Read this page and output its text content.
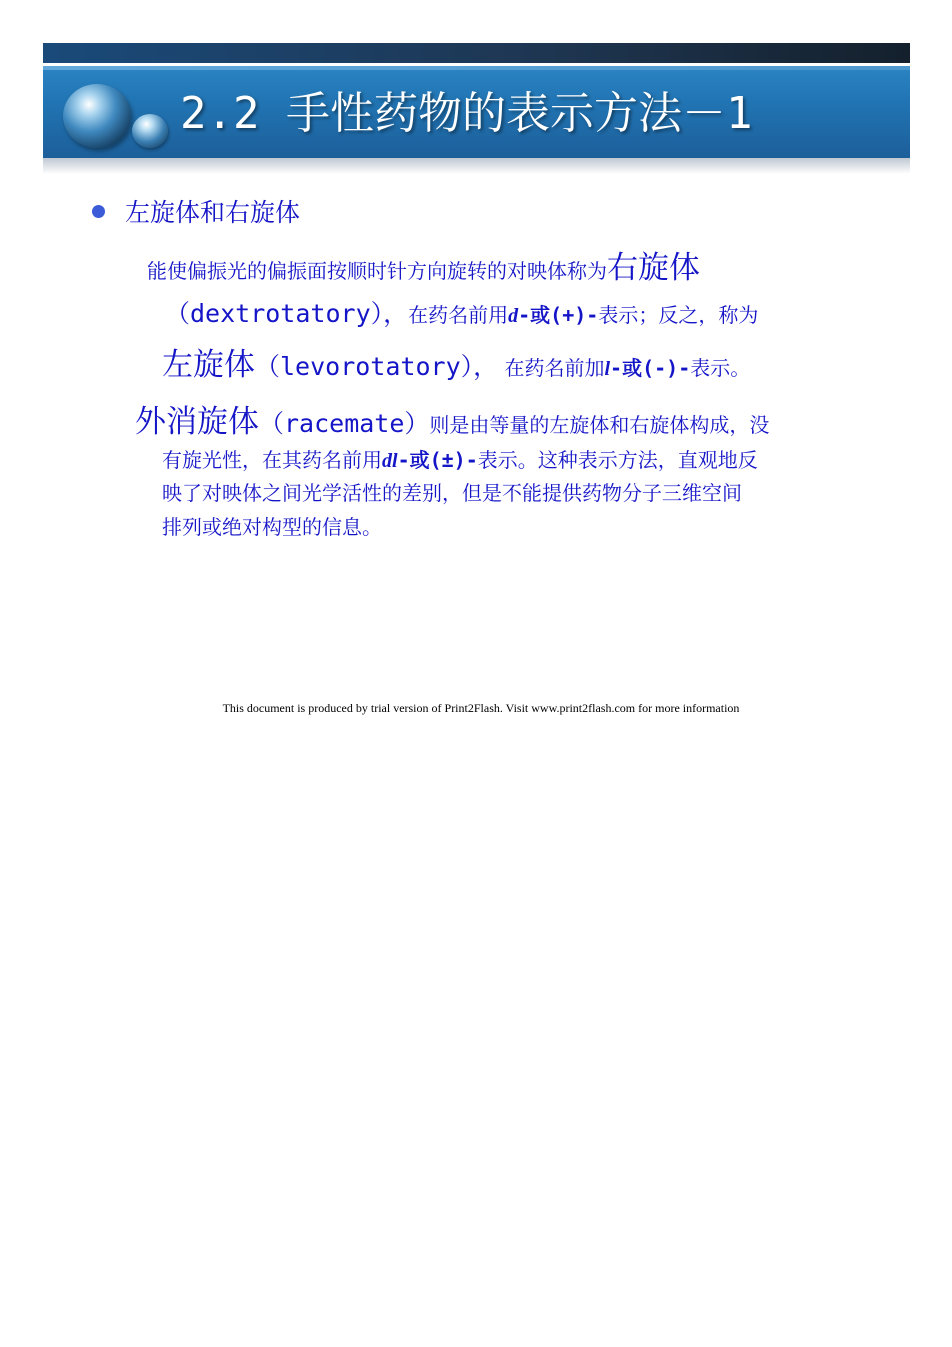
2.2 手性药物的表示方法－1
左旋体和右旋体

能使偏振光的偏振面按顺时针方向旋转的对映体称为右旋体

（dextrotatory），在药名前用d-或(+)-表示；反之，称为

左旋体（levorotatory）， 在药名前加l-或(-)-表示。

外消旋体（racemate）则是由等量的左旋体和右旋体构成，没

有旋光性，在其药名前用dl-或(±)-表示。这种表示方法，直观地反

映了对映体之间光学活性的差别，但是不能提供药物分子三维空间

排列或绝对构型的信息。

This document is produced by trial version of Print2Flash. Visit www.print2flash.com for more information
